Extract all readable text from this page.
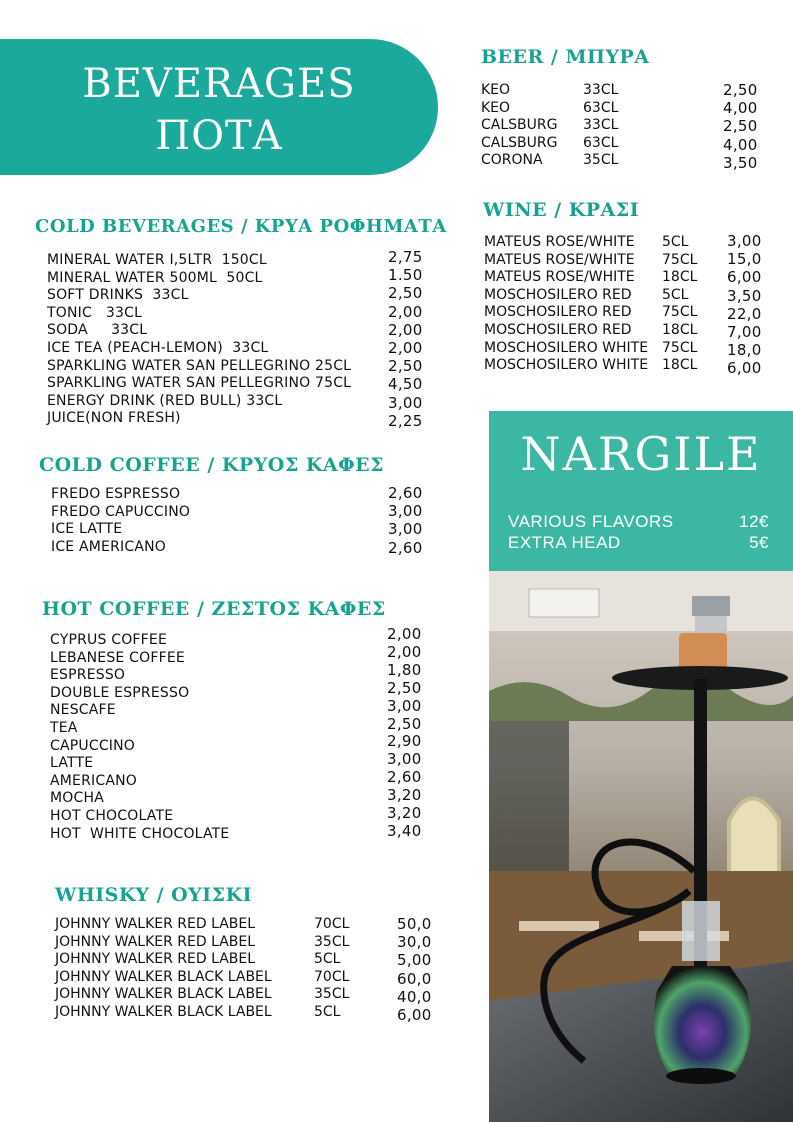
BEVERAGES
ΠΟΤΑ
COLD BEVERAGES / ΚΡΥΑ ΡΟΦΗΜΑΤΑ
MINERAL WATER I,5LTR  150CL
MINERAL WATER 500ML  50CL
SOFT DRINKS  33CL
TONIC   33CL
SODA     33CL
ICE TEA (PEACH-LEMON)  33CL
SPARKLING WATER SAN PELLEGRINO 25CL
SPARKLING WATER SAN PELLEGRINO 75CL
ENERGY DRINK (RED BULL) 33CL
JUICE(NON FRESH)
2,75
1.50
2,50
2,00
2,00
2,00
2,50
4,50
3,00
2,25
COLD COFFEE / ΚΡΥΟΣ ΚΑΦΕΣ
FREDO ESPRESSO
FREDO CAPUCCINO
ICE LATTE
ICE AMERICANO
2,60
3,00
3,00
2,60
HOT COFFEE / ΖΕΣΤΟΣ ΚΑΦΕΣ
CYPRUS COFFEE
LEBANESE COFFEE
ESPRESSO
DOUBLE ESPRESSO
NESCAFE
TEA
CAPUCCINO
LATTE
AMERICANO
MOCHA
HOT CHOCOLATE
HOT  WHITE CHOCOLATE
2,00
2,00
1,80
2,50
3,00
2,50
2,90
3,00
2,60
3,20
3,20
3,40
WHISKY / ΟΥΙΣΚΙ
JOHNNY WALKER RED LABEL
JOHNNY WALKER RED LABEL
JOHNNY WALKER RED LABEL
JOHNNY WALKER BLACK LABEL
JOHNNY WALKER BLACK LABEL
JOHNNY WALKER BLACK LABEL
70CL
35CL
5CL
70CL
35CL
5CL
50,0
30,0
5,00
60,0
40,0
6,00
BEER / ΜΠΥΡΑ
KEO
KEO
CALSBURG
CALSBURG
CORONA
33CL
63CL
33CL
63CL
35CL
2,50
4,00
2,50
4,00
3,50
WINE / ΚΡΑΣΙ
MATEUS ROSE/WHITE
MATEUS ROSE/WHITE
MATEUS ROSE/WHITE
MOSCHOSILERO RED
MOSCHOSILERO RED
MOSCHOSILERO RED
MOSCHOSILERO WHITE
MOSCHOSILERO WHITE
5CL
75CL
18CL
5CL
75CL
18CL
75CL
18CL
3,00
15,0
6,00
3,50
22,0
7,00
18,0
6,00
NARGILE
VARIOUS FLAVORS	12€
EXTRA HEAD	5€
